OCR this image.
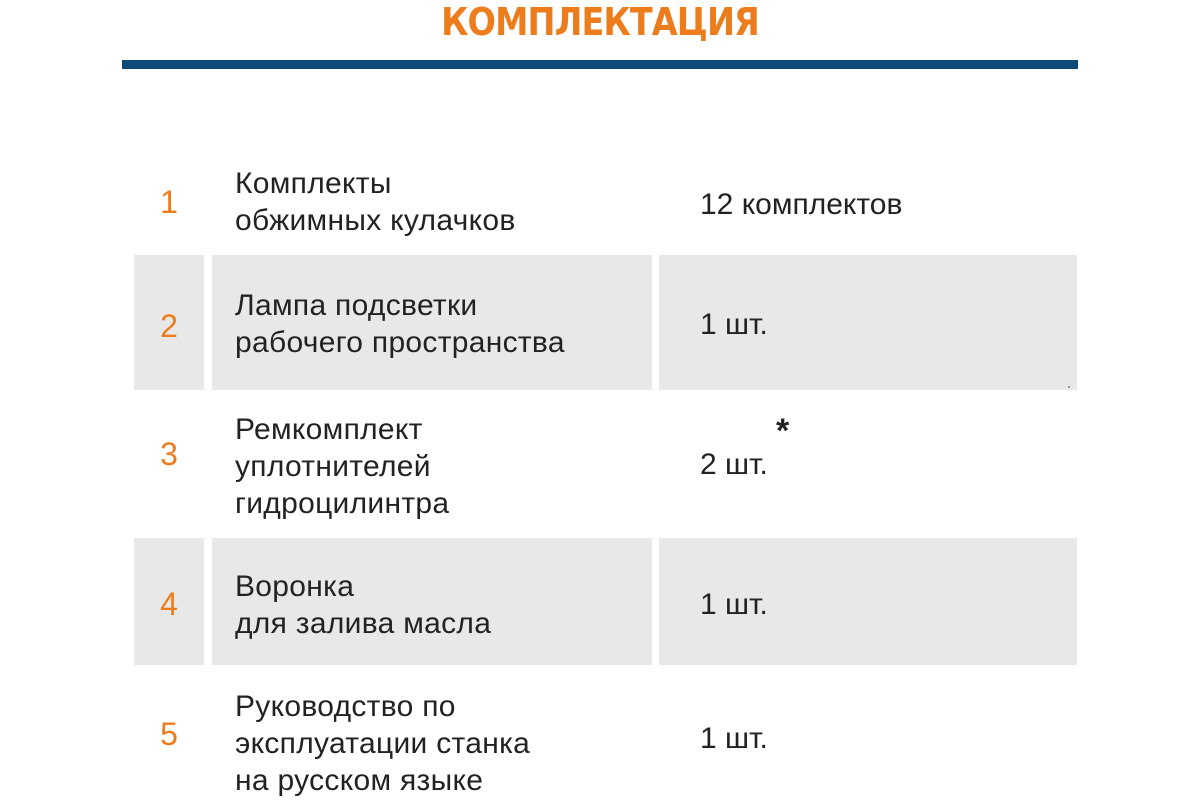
КОМПЛЕКТАЦИЯ
1
Комплекты
обжимных кулачков	12 комплектов
2
Лампа подсветки
рабочего пространства
1 шт.
3
Ремкомплект
уплотнителей
гидроцилинтра
2 шт.
*
4	Воронка
для залива масла
1 шт.
5
Руководство по
эксплуатации станка
на русском языке
1 шт.
